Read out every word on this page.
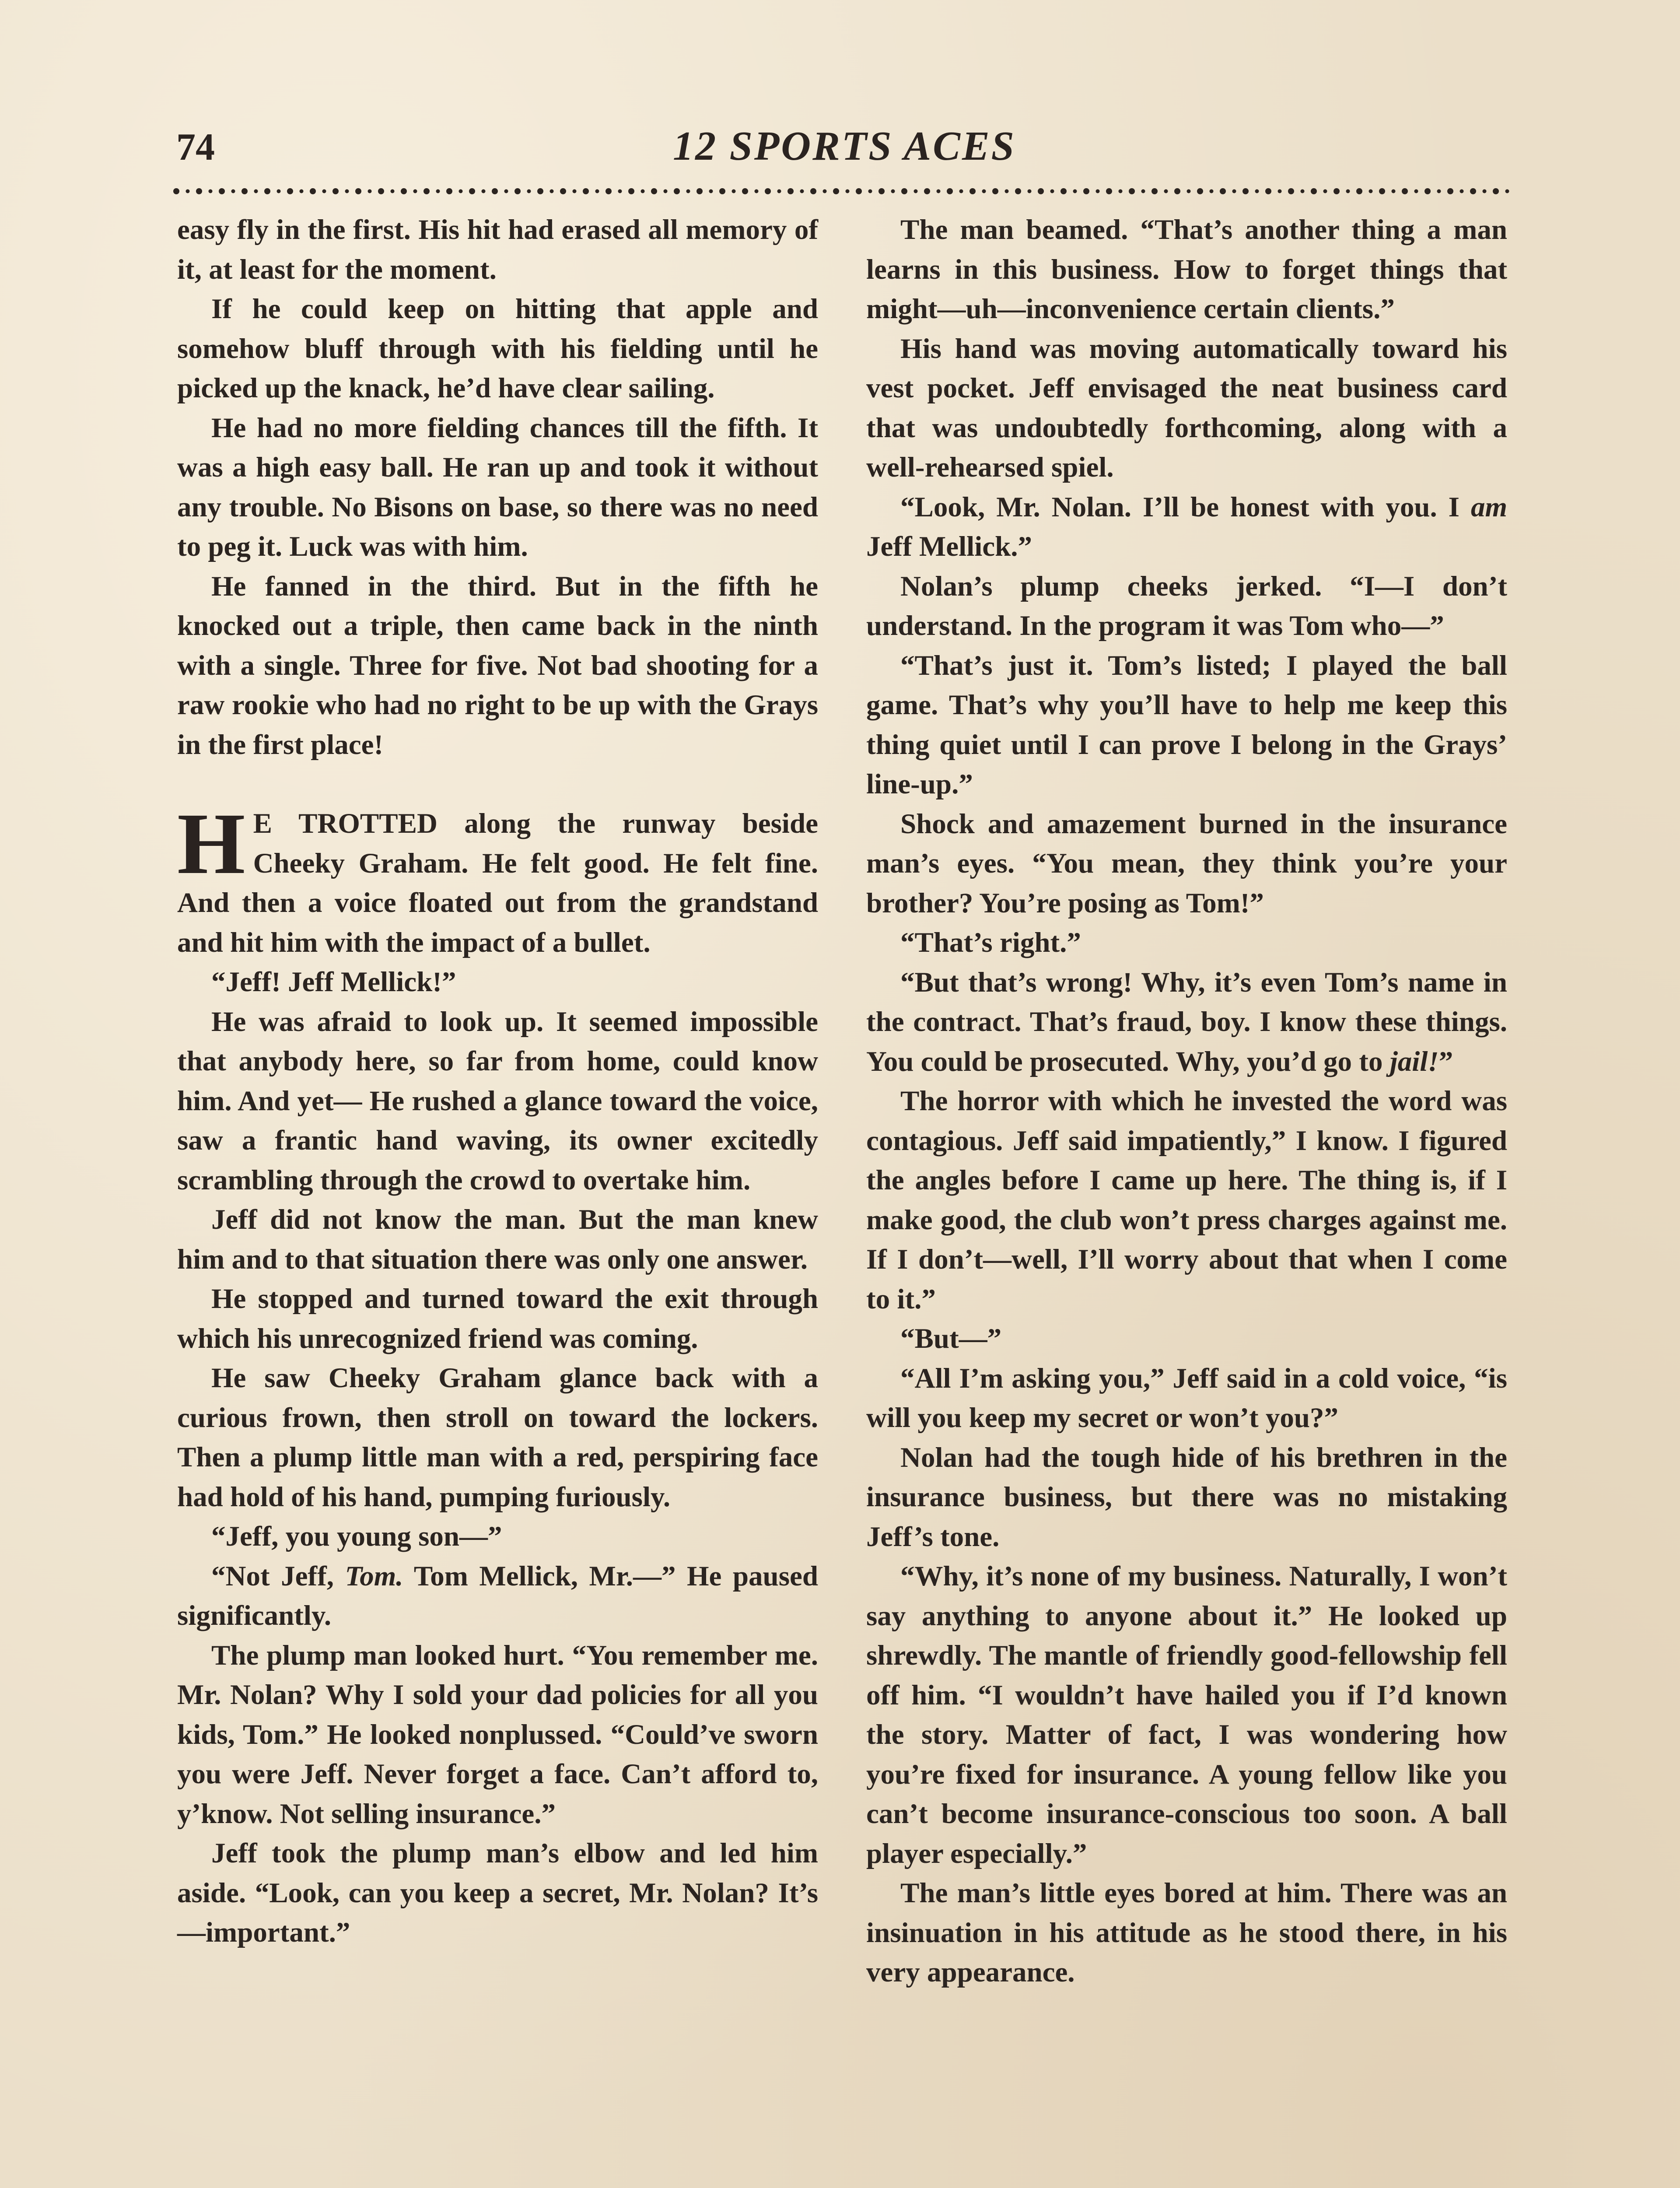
74	12 SPORTS ACES

easy fly in the first. His hit had erased all memory of it, at least for the moment.

If he could keep on hitting that apple and somehow bluff through with his fielding until he picked up the knack, he’d have clear sailing.

He had no more fielding chances till the fifth. It was a high easy ball. He ran up and took it without any trouble. No Bisons on base, so there was no need to peg it. Luck was with him.

He fanned in the third. But in the fifth he knocked out a triple, then came back in the ninth with a single. Three for five. Not bad shooting for a raw rookie who had no right to be up with the Grays in the first place!

H E TROTTED along the runway beside Cheeky Graham. He felt good. He felt fine. And then a voice floated out from the grandstand and hit him with the impact of a bullet.

“Jeff! Jeff Mellick!”

He was afraid to look up. It seemed impossible that anybody here, so far from home, could know him. And yet— He rushed a glance toward the voice, saw a frantic hand waving, its owner excitedly scrambling through the crowd to overtake him.

Jeff did not know the man. But the man knew him and to that situation there was only one answer.

He stopped and turned toward the exit through which his unrecognized friend was coming.

He saw Cheeky Graham glance back with a curious frown, then stroll on toward the lockers. Then a plump little man with a red, perspiring face had hold of his hand, pumping furiously.

“Jeff, you young son—”

“Not Jeff, Tom. Tom Mellick, Mr.—” He paused significantly.

The plump man looked hurt. “You remember me. Mr. Nolan? Why I sold your dad policies for all you kids, Tom.” He looked nonplussed. “Could’ve sworn you were Jeff. Never forget a face. Can’t afford to, y’know. Not selling insurance.”

Jeff took the plump man’s elbow and led him aside. “Look, can you keep a secret, Mr. Nolan? It’s—important.”

The man beamed. “That’s another thing a man learns in this business. How to forget things that might—uh—inconvenience certain clients.”

His hand was moving automatically toward his vest pocket. Jeff envisaged the neat business card that was undoubtedly forthcoming, along with a well-rehearsed spiel.

“Look, Mr. Nolan. I’ll be honest with you. I am Jeff Mellick.”

Nolan’s plump cheeks jerked. “I—I don’t understand. In the program it was Tom who—”

“That’s just it. Tom’s listed; I played the ball game. That’s why you’ll have to help me keep this thing quiet until I can prove I belong in the Grays’ line-up.”

Shock and amazement burned in the insurance man’s eyes. “You mean, they think you’re your brother? You’re posing as Tom!”

“That’s right.”

“But that’s wrong! Why, it’s even Tom’s name in the contract. That’s fraud, boy. I know these things. You could be prosecuted. Why, you’d go to jail!”

The horror with which he invested the word was contagious. Jeff said impatiently,” I know. I figured the angles before I came up here. The thing is, if I make good, the club won’t press charges against me. If I don’t—well, I’ll worry about that when I come to it.”

“But—”

“All I’m asking you,” Jeff said in a cold voice, “is will you keep my secret or won’t you?”

Nolan had the tough hide of his brethren in the insurance business, but there was no mistaking Jeff’s tone.

“Why, it’s none of my business. Naturally, I won’t say anything to anyone about it.” He looked up shrewdly. The mantle of friendly good-fellowship fell off him. “I wouldn’t have hailed you if I’d known the story. Matter of fact, I was wondering how you’re fixed for insurance. A young fellow like you can’t become insurance-conscious too soon. A ball player especially.”

The man’s little eyes bored at him. There was an insinuation in his attitude as he stood there, in his very appearance.
